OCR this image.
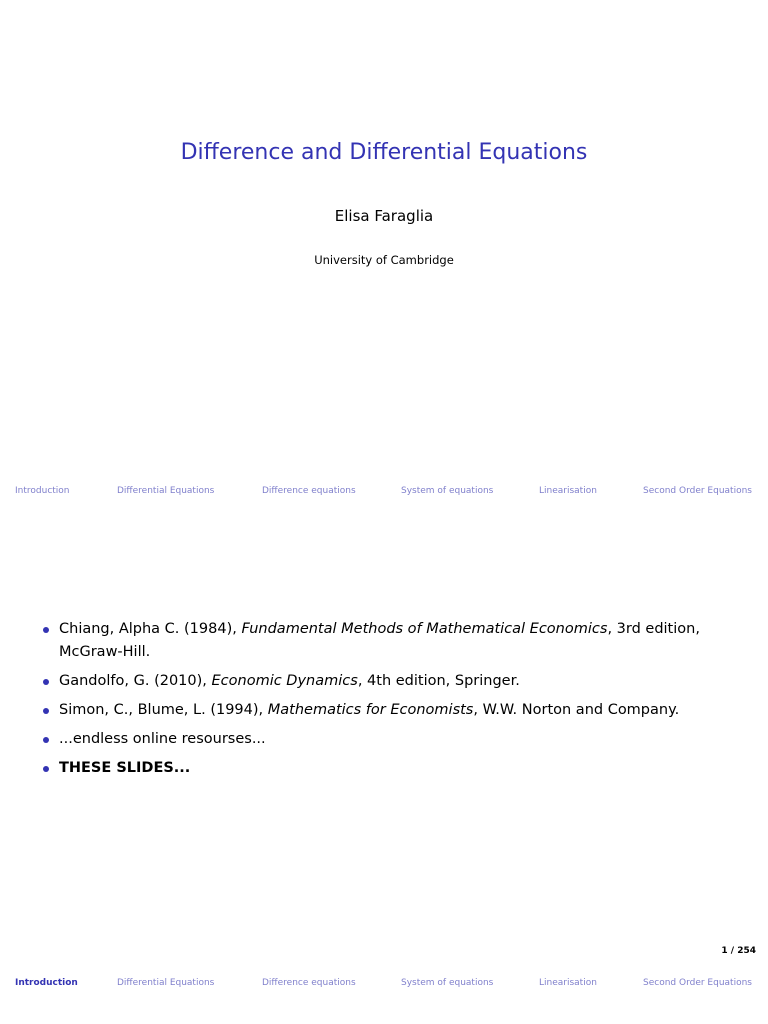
Difference and Differential Equations
Elisa Faraglia
University of Cambridge
Introduction	Differential Equations	Difference equations	System of equations	Linearisation	Second Order Equations
Chiang, Alpha C. (1984), Fundamental Methods of Mathematical Economics, 3rd edition, McGraw-Hill.
Gandolfo, G. (2010), Economic Dynamics, 4th edition, Springer.
Simon, C., Blume, L. (1994), Mathematics for Economists, W.W. Norton and Company.
...endless online resourses...
THESE SLIDES...
1 / 254
Introduction	Differential Equations	Difference equations	System of equations	Linearisation	Second Order Equations
